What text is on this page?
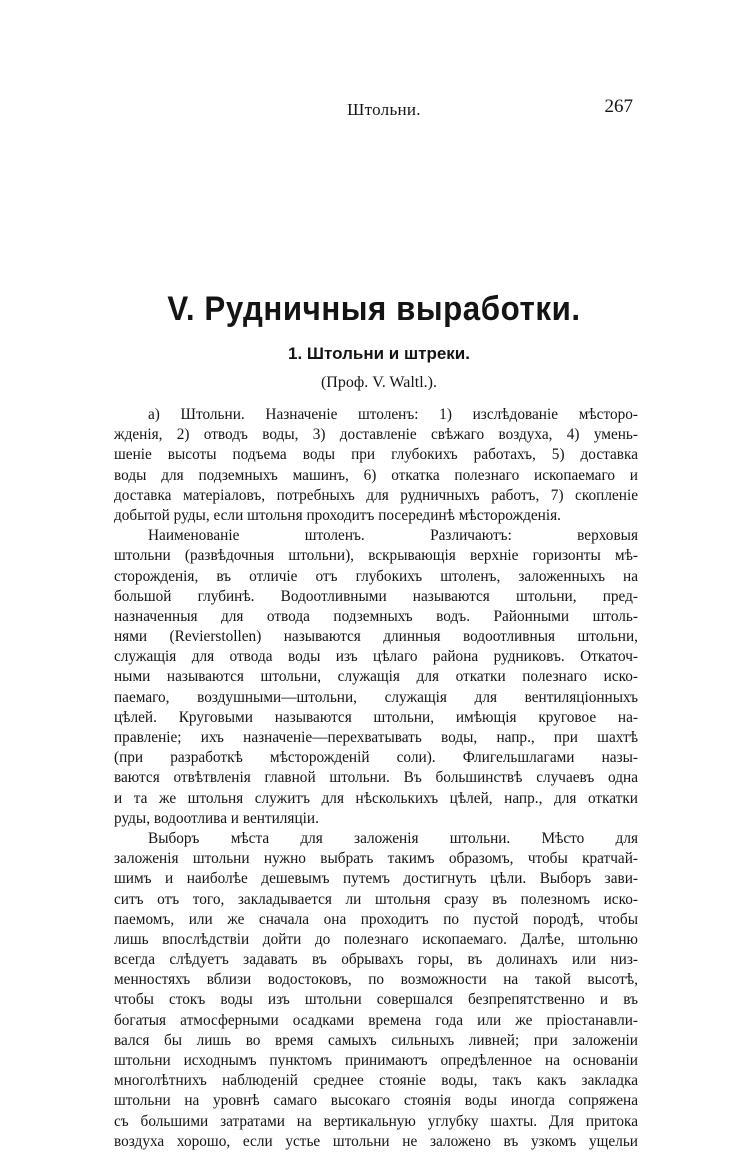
Штольни.	267
V. Рудничныя выработки.
1. Штольни и штреки.
(Проф. V. Waltl.).
а) Штольни. Назначеніе штоленъ: 1) изслѣдованіе мѣсторо-
жденія, 2) отводъ воды, 3) доставленіе свѣжаго воздуха, 4) умень-
шеніе высоты подъема воды при глубокихъ работахъ, 5) доставка
воды для подземныхъ машинъ, 6) откатка полезнаго ископаемаго и
доставка матеріаловъ, потребныхъ для рудничныхъ работъ, 7) скопленіе
добытой руды, если штольня проходитъ посерединѣ мѣсторожденія.
Наименованіе штоленъ. Различаютъ: верховыя
штольни (развѣдочныя штольни), вскрывающія верхніе горизонты мѣ-
сторожденія, въ отличіе отъ глубокихъ штоленъ, заложенныхъ на
большой глубинѣ. Водоотливными называются штольни, пред-
назначенныя для отвода подземныхъ водъ. Районными штоль-
нями (Revierstollen) называются длинныя водоотливныя штольни,
служащія для отвода воды изъ цѣлаго района рудниковъ. Откаточ-
ными называются штольни, служащія для откатки полезнаго иско-
паемаго, воздушными—штольни, служащія для вентиляціонныхъ
цѣлей. Круговыми называются штольни, имѣющія круговое на-
правленіе; ихъ назначеніе—перехватывать воды, напр., при шахтѣ
(при разработкѣ мѣсторожденій соли). Флигельшлагами назы-
ваются отвѣтвленія главной штольни. Въ большинствѣ случаевъ одна
и та же штольня служитъ для нѣсколькихъ цѣлей, напр., для откатки
руды, водоотлива и вентиляціи.
Выборъ мѣста для заложенія штольни. Мѣсто для
заложенія штольни нужно выбрать такимъ образомъ, чтобы кратчай-
шимъ и наиболѣе дешевымъ путемъ достигнуть цѣли. Выборъ зави-
ситъ отъ того, закладывается ли штольня сразу въ полезномъ иско-
паемомъ, или же сначала она проходитъ по пустой породѣ, чтобы
лишь впослѣдствіи дойти до полезнаго ископаемаго. Далѣе, штольню
всегда слѣдуетъ задавать въ обрывахъ горы, въ долинахъ или низ-
менностяхъ вблизи водостоковъ, по возможности на такой высотѣ,
чтобы стокъ воды изъ штольни совершался безпрепятственно и въ
богатыя атмосферными осадками времена года или же пріостанавли-
вался бы лишь во время самыхъ сильныхъ ливней; при заложеніи
штольни исходнымъ пунктомъ принимаютъ опредѣленное на основаніи
многолѣтнихъ наблюденій среднее стояніе воды, такъ какъ закладка
штольни на уровнѣ самаго высокаго стоянія воды иногда сопряжена
съ большими затратами на вертикальную углубку шахты. Для притока
воздуха хорошо, если устье штольни не заложено въ узкомъ ущельи
